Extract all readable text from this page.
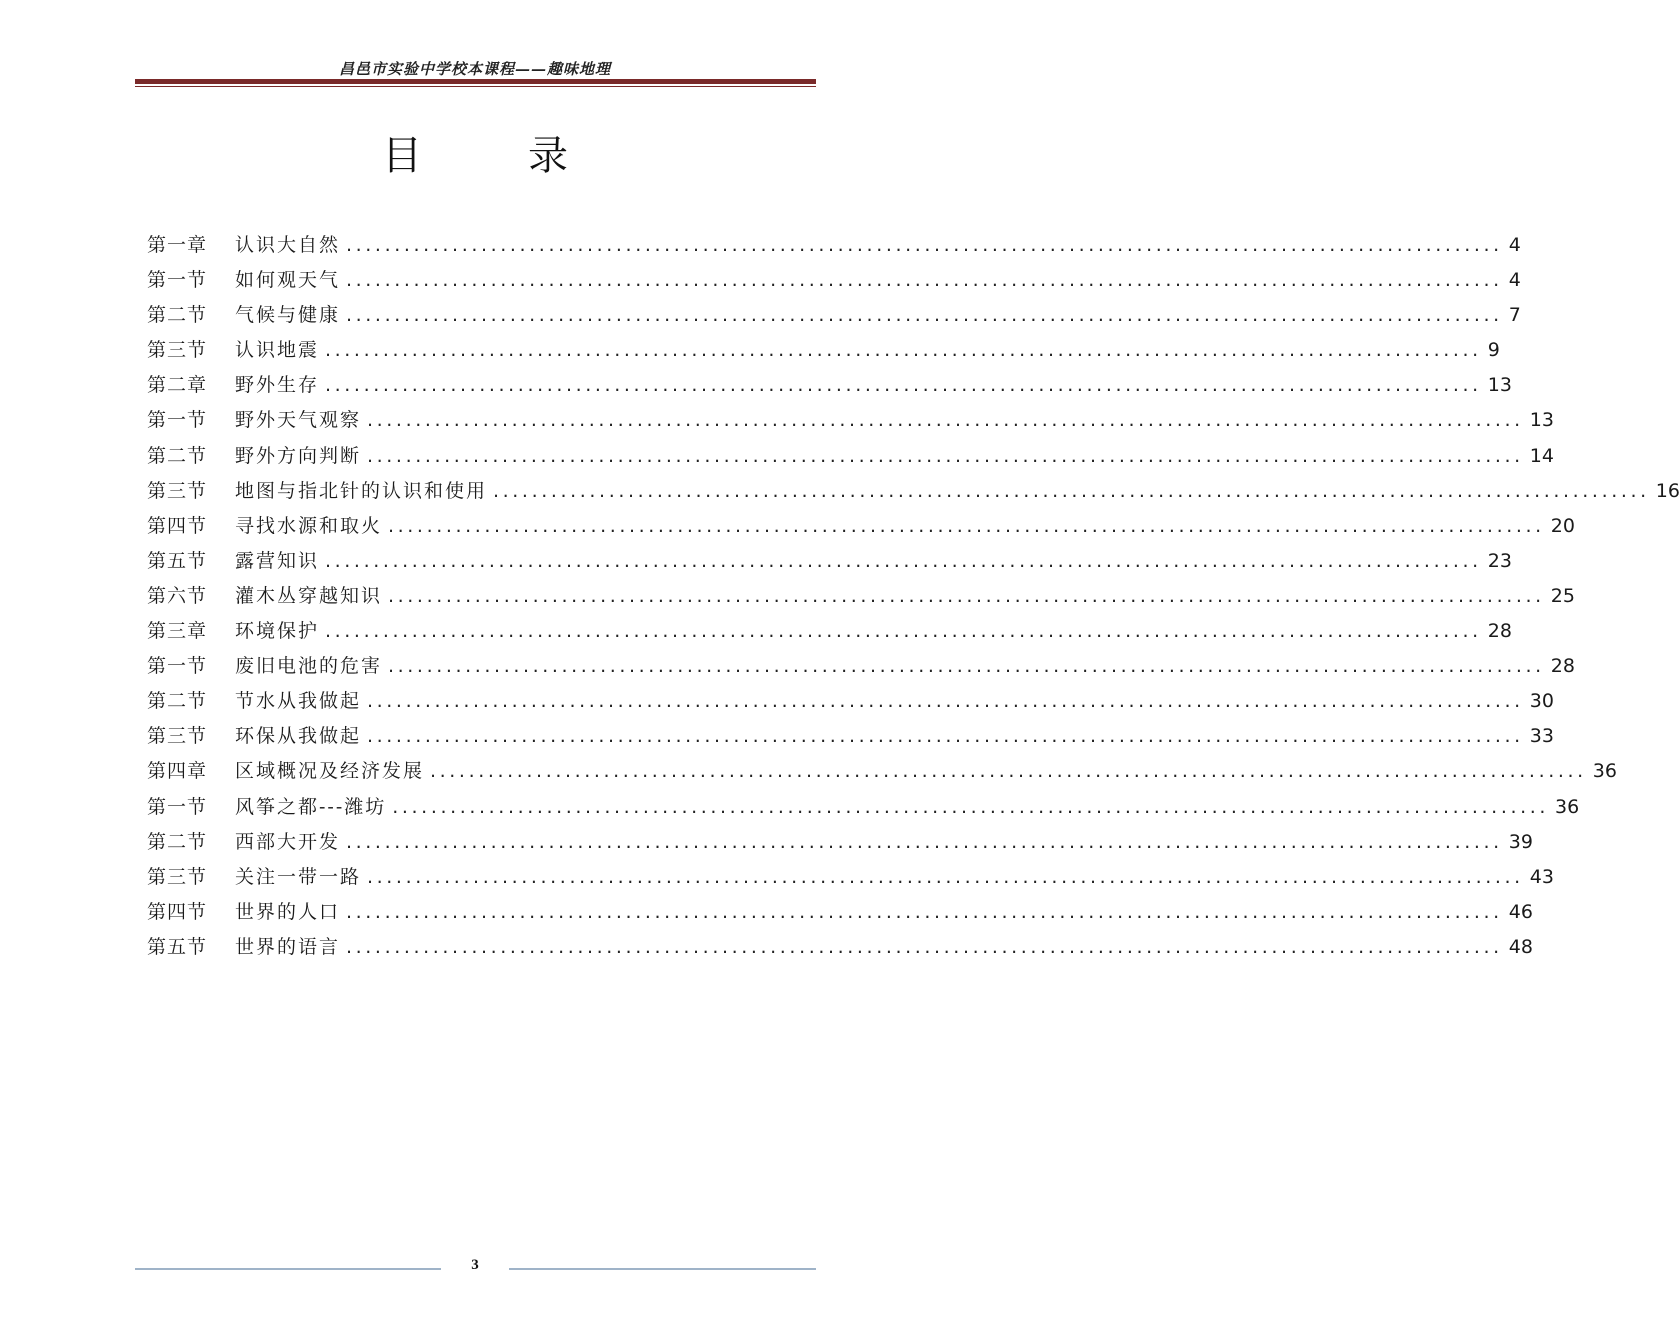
昌邑市实验中学校本课程——趣味地理
目	录
第一章	认识大自然 ........................................................................................................................ 4
第一节	如何观天气 ........................................................................................................................ 4
第二节	气候与健康 ........................................................................................................................ 7
第三节	认识地震 ........................................................................................................................ 9
第二章	野外生存 ........................................................................................................................ 13
第一节	野外天气观察 ........................................................................................................................ 13
第二节	野外方向判断 ........................................................................................................................ 14
第三节	地图与指北针的认识和使用 ........................................................................................................................ 16
第四节	寻找水源和取火 ........................................................................................................................ 20
第五节	露营知识 ........................................................................................................................ 23
第六节	灌木丛穿越知识 ........................................................................................................................ 25
第三章	环境保护 ........................................................................................................................ 28
第一节	废旧电池的危害 ........................................................................................................................ 28
第二节	节水从我做起 ........................................................................................................................ 30
第三节	环保从我做起 ........................................................................................................................ 33
第四章	区域概况及经济发展 ........................................................................................................................ 36
第一节	风筝之都---潍坊 ........................................................................................................................ 36
第二节	西部大开发 ........................................................................................................................ 39
第三节	关注一带一路 ........................................................................................................................ 43
第四节	世界的人口 ........................................................................................................................ 46
第五节	世界的语言 ........................................................................................................................ 48
3
